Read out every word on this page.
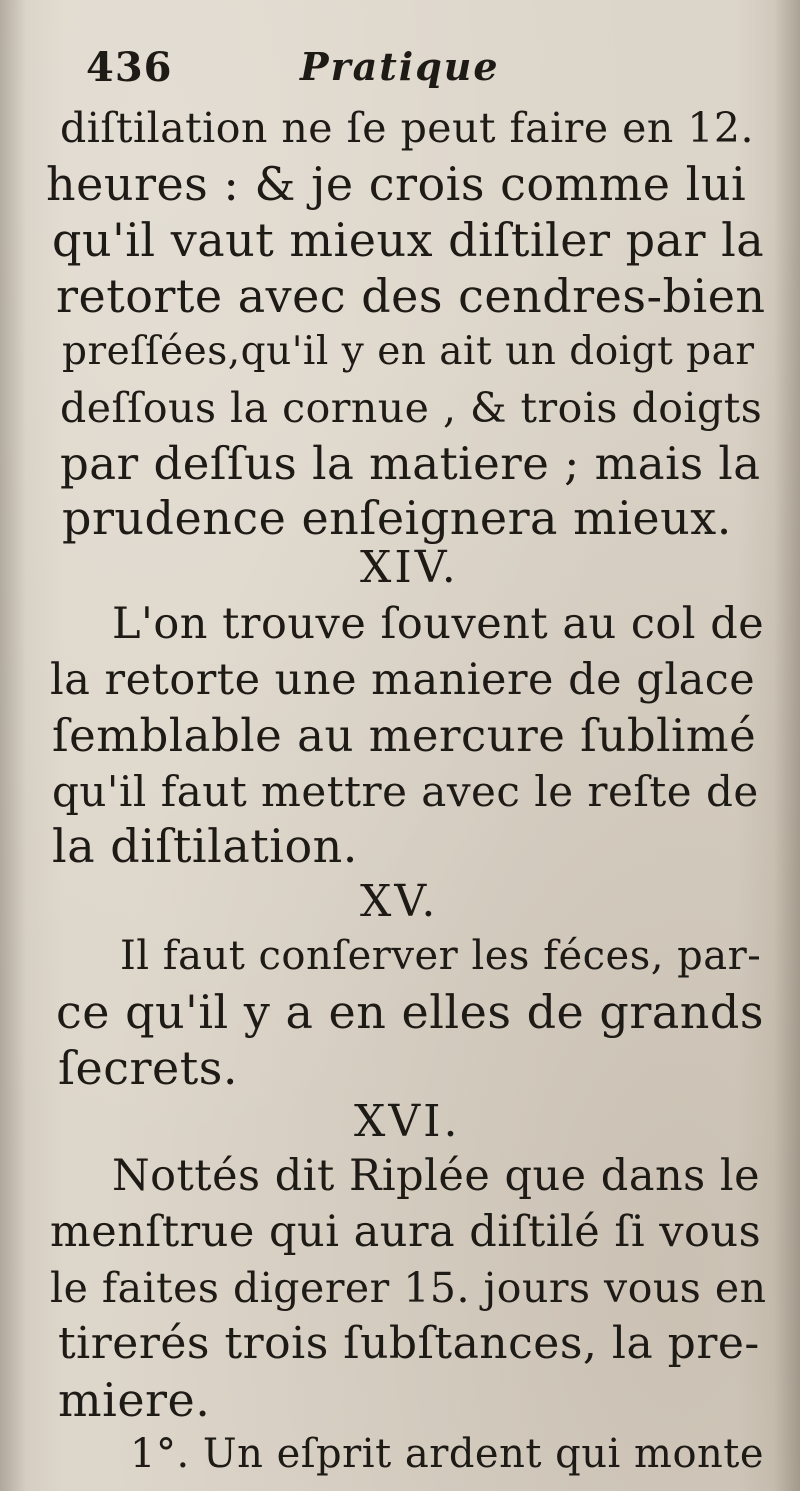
436	Pratique
diſtilation ne ſe peut faire en 12.
heures : & je crois comme lui
qu'il vaut mieux diſtiler par la
retorte avec des cendres-bien
preſſées,qu'il y en ait un doigt par
deſſous la cornue , & trois doigts
par deſſus la matiere ; mais la
prudence enſeignera mieux.
XIV.
L'on trouve ſouvent au col de
la retorte une maniere de glace
ſemblable au mercure ſublimé
qu'il faut mettre avec le reſte de
la diſtilation.
XV.
Il faut conſerver les féces, par-
ce qu'il y a en elles de grands
ſecrets.
XVI.
Nottés dit Riplée que dans le
menſtrue qui aura diſtilé ſi vous
le faites digerer 15. jours vous en
tirerés trois ſubſtances, la pre-
miere.
1°. Un eſprit ardent qui monte
